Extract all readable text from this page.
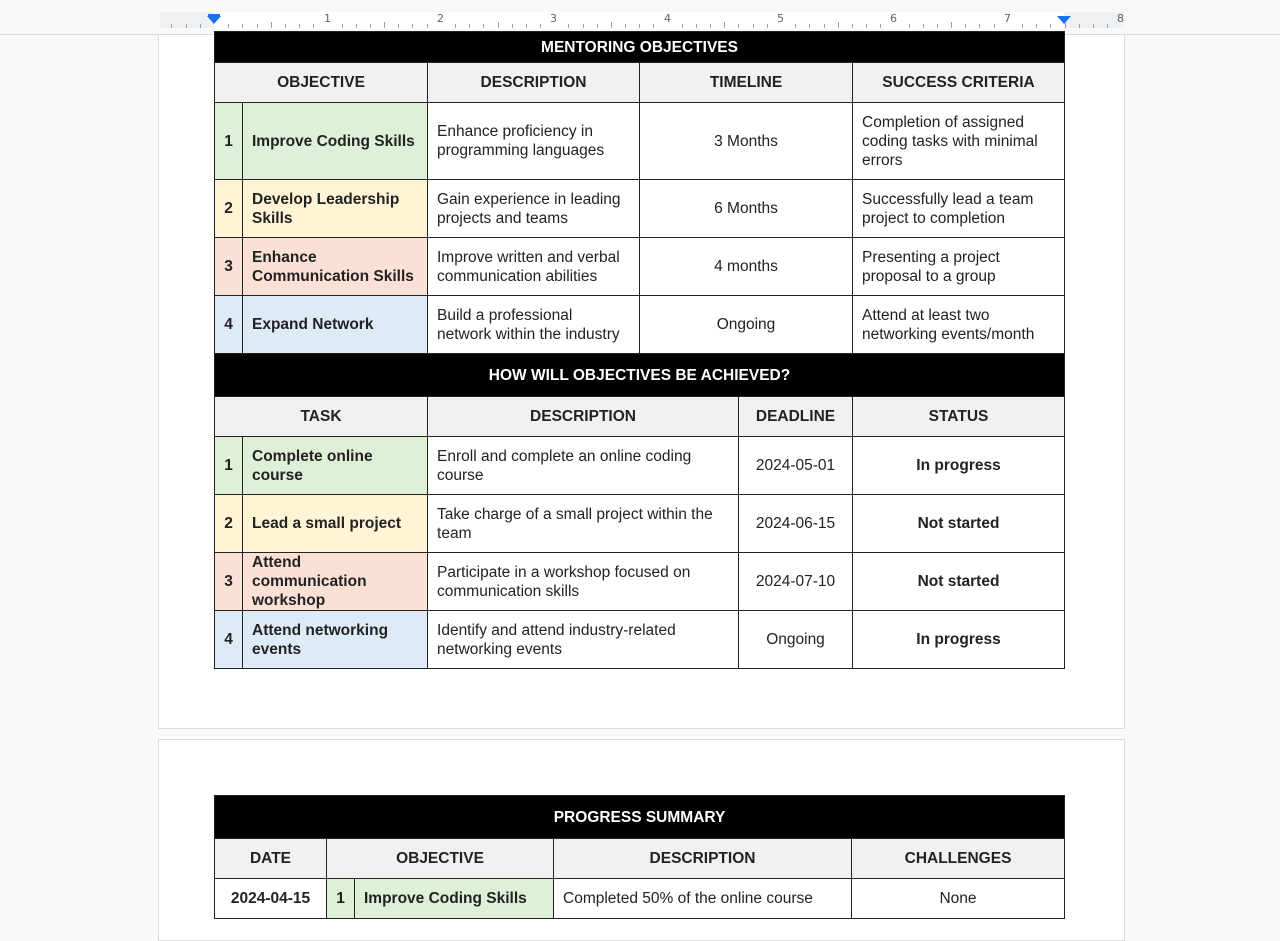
1	2	3	4	5	6	7	8
MENTORING OBJECTIVES				
OBJECTIVE		DESCRIPTION	TIMELINE	SUCCESS CRITERIA
1	Improve Coding Skills	Enhance proficiency in programming languages	3 Months	Completion of assigned coding tasks with minimal errors
2	Develop Leadership Skills	Gain experience in leading projects and teams	6 Months	Successfully lead a team project to completion
3	Enhance Communication Skills	Improve written and verbal communication abilities	4 months	Presenting a project proposal to a group
4	Expand Network	Build a professional network within the industry	Ongoing	Attend at least two networking events/month
HOW WILL OBJECTIVES BE ACHIEVED?				
TASK		DESCRIPTION	DEADLINE	STATUS
1	Complete online course	Enroll and complete an online coding course	2024-05-01	In progress
2	Lead a small project	Take charge of a small project within the team	2024-06-15	Not started
3	Attend communication workshop	Participate in a workshop focused on communication skills	2024-07-10	Not started
4	Attend networking events	Identify and attend industry-related networking events	Ongoing	In progress
PROGRESS SUMMARY				
DATE	OBJECTIVE		DESCRIPTION	CHALLENGES
2024-04-15	1	Improve Coding Skills	Completed 50% of the online course	None
